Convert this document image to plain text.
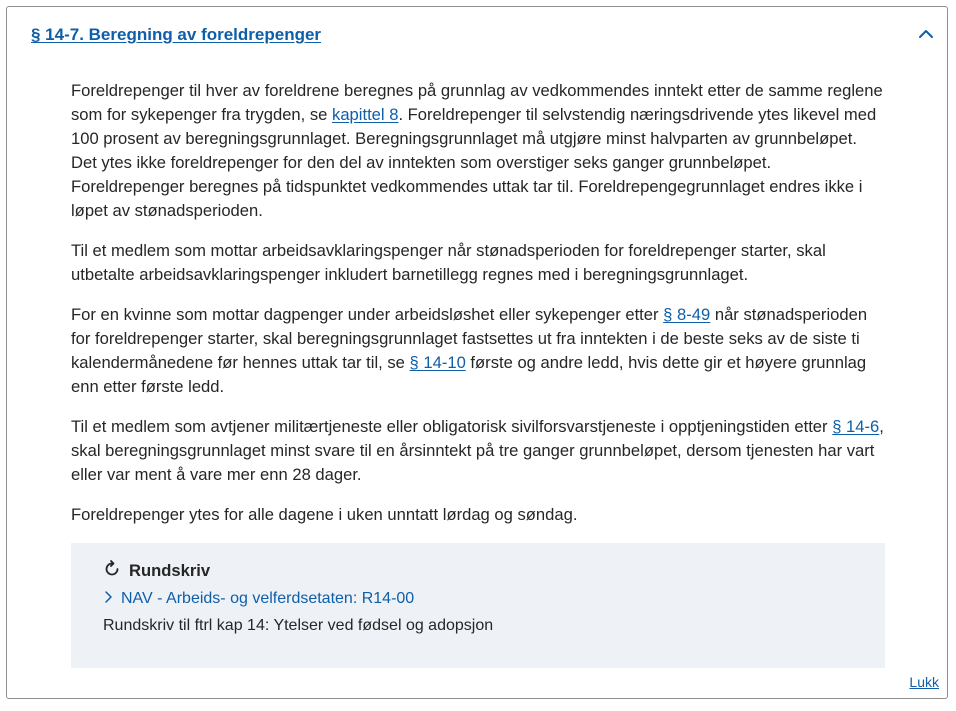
§ 14-7. Beregning av foreldrepenger

Foreldrepenger til hver av foreldrene beregnes på grunnlag av vedkommendes inntekt etter de samme reglene som for sykepenger fra trygden, se kapittel 8. Foreldrepenger til selvstendig næringsdrivende ytes likevel med 100 prosent av beregningsgrunnlaget. Beregningsgrunnlaget må utgjøre minst halvparten av grunnbeløpet. Det ytes ikke foreldrepenger for den del av inntekten som overstiger seks ganger grunnbeløpet. Foreldrepenger beregnes på tidspunktet vedkommendes uttak tar til. Foreldrepengegrunnlaget endres ikke i løpet av stønadsperioden.

Til et medlem som mottar arbeidsavklaringspenger når stønadsperioden for foreldrepenger starter, skal utbetalte arbeidsavklaringspenger inkludert barnetillegg regnes med i beregningsgrunnlaget.

For en kvinne som mottar dagpenger under arbeidsløshet eller sykepenger etter § 8-49 når stønadsperioden for foreldrepenger starter, skal beregningsgrunnlaget fastsettes ut fra inntekten i de beste seks av de siste ti kalendermånedene før hennes uttak tar til, se § 14-10 første og andre ledd, hvis dette gir et høyere grunnlag enn etter første ledd.

Til et medlem som avtjener militærtjeneste eller obligatorisk sivilforsvarstjeneste i opptjeningstiden etter § 14-6, skal beregningsgrunnlaget minst svare til en årsinntekt på tre ganger grunnbeløpet, dersom tjenesten har vart eller var ment å vare mer enn 28 dager.

Foreldrepenger ytes for alle dagene i uken unntatt lørdag og søndag.

Rundskriv
NAV - Arbeids- og velferdsetaten: R14-00
Rundskriv til ftrl kap 14: Ytelser ved fødsel og adopsjon
Lukk
